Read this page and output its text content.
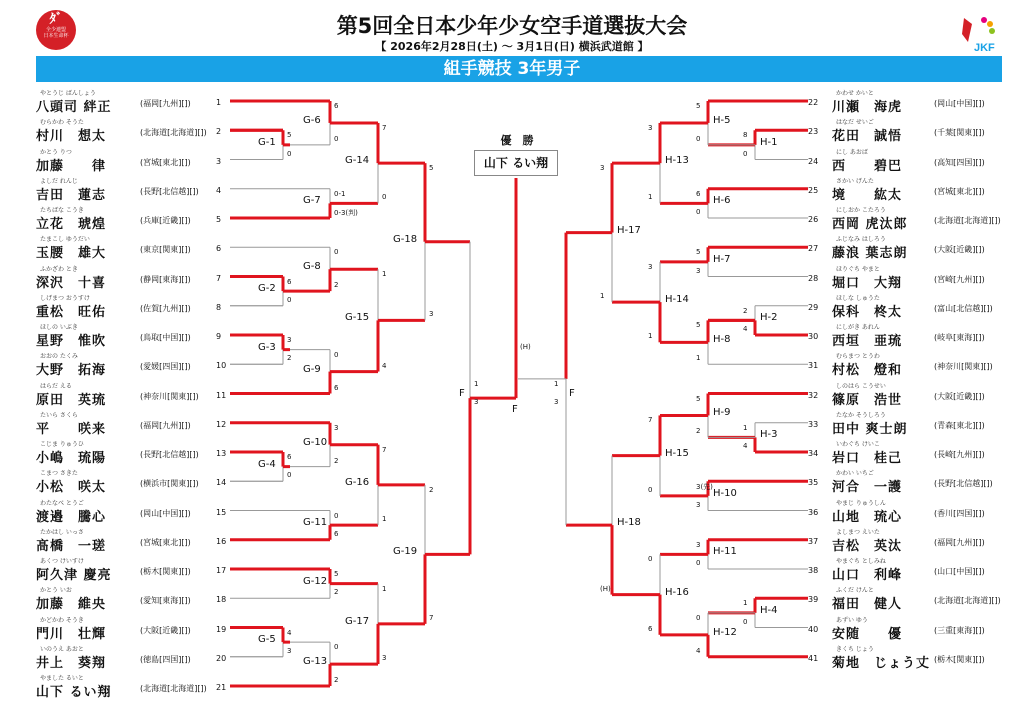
ﾀﾞ
全少連盟
日本生命杯
JKF
第5回全日本少年少女空手道選抜大会
【 2026年2月28日(土) ～ 3月1日(日) 横浜武道館 】
組手競技 3年男子
優　勝
山下 るい翔
やとうじ ばんしょう
八頭司 絆正	(福岡[九州][])	1
むらかわ そうた
村川　想太	(北海道[北海道][]) 2
かとう りつ
加藤　　律	(宮城[東北][])	3
よしだ れんじ
吉田　蓮志	(長野[北信越][]) 4
たちばな こうき
立花　琥煌	(兵庫[近畿][])	5
たまこし ゆうだい
玉腰　雄大	(東京[関東][])	6
ふかざわ とき
深沢　十喜	(静岡[東海][])	7
しげまつ おうすけ
重松　旺佑	(佐賀[九州][])	8
ほしの いぶき
星野　惟吹	(鳥取[中国][])	9
おおの たくみ
大野　拓海	(愛媛[四国][])	10
はらだ える
原田　英琉	(神奈川[関東][]) 11
たいら さくら
平　　咲来	(福岡[九州][])	12
こじま りゅうひ
小嶋　琉陽	(長野[北信越][]) 13
こまつ さきた
小松　咲太	(横浜市[関東][]) 14
わたなべ とうご
渡邉　騰心	(岡山[中国][])	15
たかはし いっさ
髙橋　一瑳	(宮城[東北][])	16
あくつ けいすけ
阿久津 慶亮	(栃木[関東][])	17
かとう いお
加藤　維央	(愛知[東海][])	18
かどかわ そうき
門川　壮輝	(大阪[近畿][])	19
いのうえ あおと
井上　葵翔	(徳島[四国][])	20
やました るいと
山下 るい翔	(北海道[北海道][]) 21
22
かわせ かいと
川瀬　海虎	(岡山[中国][])
23
はなだ せいご
花田　誠悟	(千葉[関東][])
24
にし あおば
西　　碧巴	(高知[四国][])
25
さかい げんた
境　　紘太	(宮城[東北][])
26
にしおか こたろう
西岡 虎汰郎	(北海道[北海道][])
27
ふじなみ はしろう
藤浪 葉志朗	(大阪[近畿][])
28
ほりぐち やまと
堀口　大翔	(宮崎[九州][])
29
ほしな しゅうた
保科　柊太	(富山[北信越][])
30
にしがき あれん
西垣　亜琉	(岐阜[東海][])
31
むらまつ とうわ
村松　燈和	(神奈川[関東][])
32
しのはら こうせい
篠原　浩世	(大阪[近畿][])
33
たなか そうしろう
田中 爽士朗	(青森[東北][])
34
いわぐち けいこ
岩口　桂己	(長崎[九州][])
35
かわい いちご
河合　一護	(長野[北信越][])
36
やまじ りゅうしん
山地　琉心	(香川[四国][])
37
よしまつ えいた
吉松　英汰	(福岡[九州][])
38
やまぐち としみね
山口　利峰	(山口[中国][])
39
ふくだ けんと
福田　健人	(北海道[北海道][])
40
あずい ゆう
安随　　優	(三重[東海][])
41
きくち じょう
菊地　じょう丈 (栃木[関東][])
G-1
5
0
G-2
6
0
G-3
3
2
G-4
6
0
G-5
4
3
G-6
6
0
G-7
0-1
0-3(判)
G-8
0
2
G-9
0
6
G-10
3
2
G-11
0
6
G-12
5
2
G-13
0
2
G-14
7
0
G-15
1
4
G-16
7
1
G-17
1
3
G-18
5
3
G-19
2
7
H-1
8
0
H-2
2
4
H-3
1
4
H-4
1
0
H-5
5
0
H-6
6
0
H-7
5
3
H-8
5
1
H-9
5
2
H-10
3(先)
3
H-11
3
0
H-12
0
4
H-13
3
1
H-14
3
1
H-15
7
0
H-16
0
6
H-17
3
1
H-18
(H)
F	F
F
1
3
1
3
(H)
